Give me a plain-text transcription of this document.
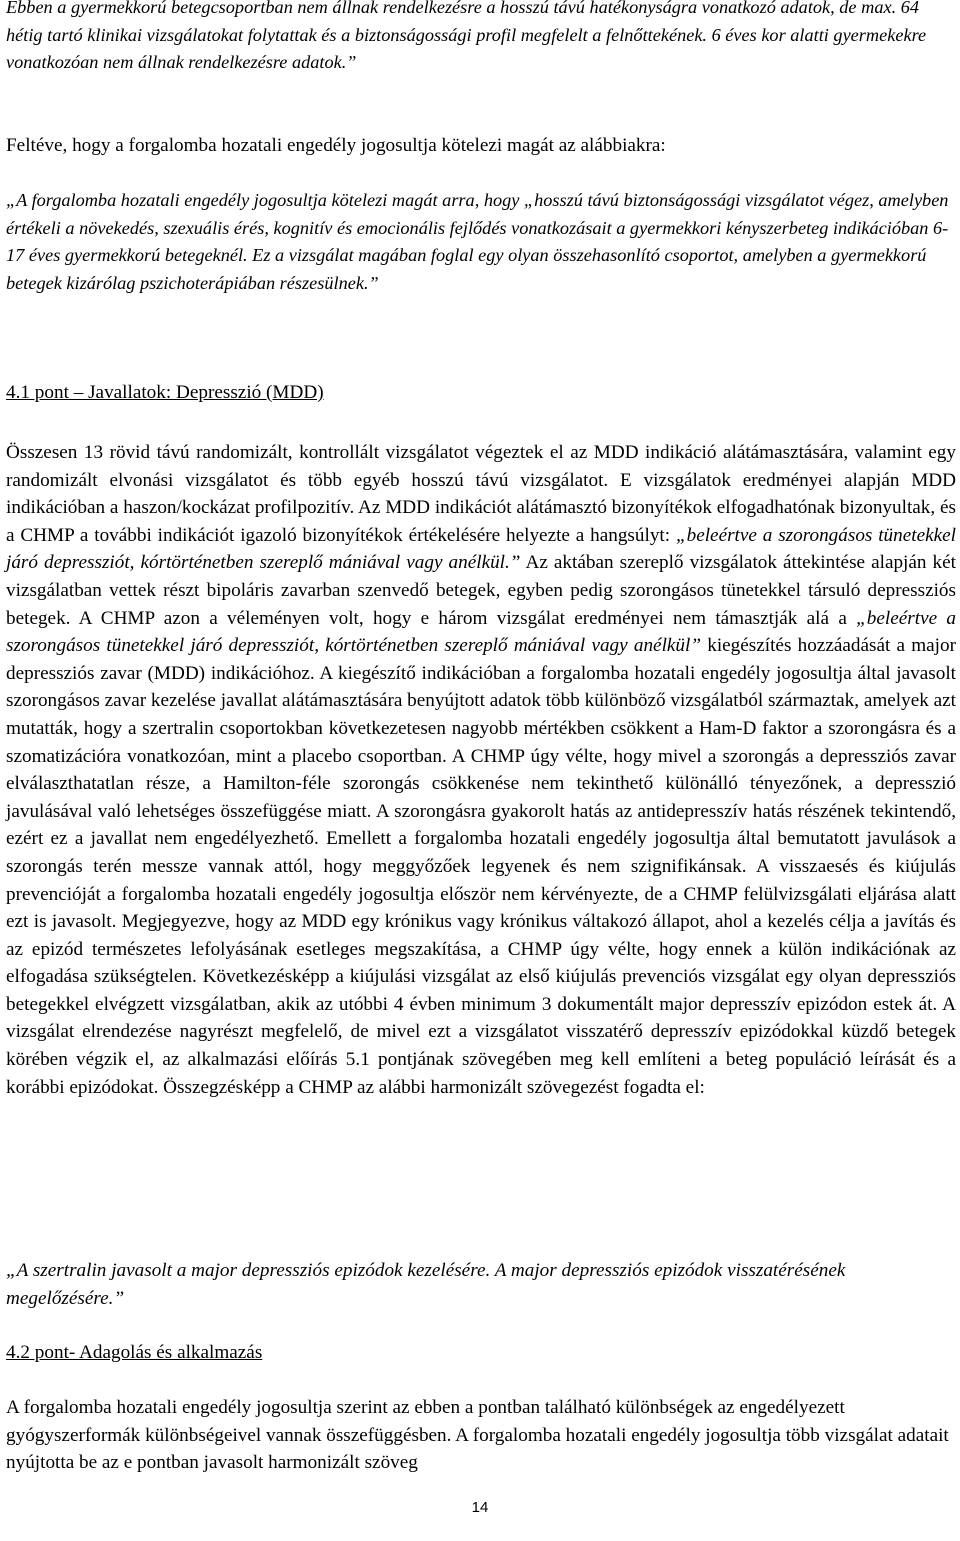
Ebben a gyermekkorú betegcsoportban nem állnak rendelkezésre a hosszú távú hatékonyságra vonatkozó adatok, de max. 64 hétig tartó klinikai vizsgálatokat folytattak és a biztonságossági profil megfelelt a felnőttekének. 6 éves kor alatti gyermekekre vonatkozóan nem állnak rendelkezésre adatok.”

Feltéve, hogy a forgalomba hozatali engedély jogosultja kötelezi magát az alábbiakra:

„A forgalomba hozatali engedély jogosultja kötelezi magát arra, hogy „hosszú távú biztonságossági vizsgálatot végez, amelyben értékeli a növekedés, szexuális érés, kognitív és emocionális fejlődés vonatkozásait a gyermekkori kényszerbeteg indikációban 6-17 éves gyermekkorú betegeknél. Ez a vizsgálat magában foglal egy olyan összehasonlító csoportot, amelyben a gyermekkorú betegek kizárólag pszichoterápiában részesülnek.”

4.1 pont – Javallatok: Depresszió (MDD)

Összesen 13 rövid távú randomizált, kontrollált vizsgálatot végeztek el az MDD indikáció alátámasztására, valamint egy randomizált elvonási vizsgálatot és több egyéb hosszú távú vizsgálatot. E vizsgálatok eredményei alapján MDD indikációban a haszon/kockázat profilpozitív. Az MDD indikációt alátámasztó bizonyítékok elfogadhatónak bizonyultak, és a CHMP a további indikációt igazoló bizonyítékok értékelésére helyezte a hangsúlyt: „beleértve a szorongásos tünetekkel járó depressziót, kórtörténetben szereplő mániával vagy anélkül.” Az aktában szereplő vizsgálatok áttekintése alapján két vizsgálatban vettek részt bipoláris zavarban szenvedő betegek, egyben pedig szorongásos tünetekkel társuló depressziós betegek. A CHMP azon a véleményen volt, hogy e három vizsgálat eredményei nem támasztják alá a „beleértve a szorongásos tünetekkel járó depressziót, kórtörténetben szereplő mániával vagy anélkül” kiegészítés hozzáadását a major depressziós zavar (MDD) indikációhoz. A kiegészítő indikációban a forgalomba hozatali engedély jogosultja által javasolt szorongásos zavar kezelése javallat alátámasztására benyújtott adatok több különböző vizsgálatból származtak, amelyek azt mutatták, hogy a szertralin csoportokban következetesen nagyobb mértékben csökkent a Ham-D faktor a szorongásra és a szomatizációra vonatkozóan, mint a placebo csoportban. A CHMP úgy vélte, hogy mivel a szorongás a depressziós zavar elválaszthatatlan része, a Hamilton-féle szorongás csökkenése nem tekinthető különálló tényezőnek, a depresszió javulásával való lehetséges összefüggése miatt. A szorongásra gyakorolt hatás az antidepresszív hatás részének tekintendő, ezért ez a javallat nem engedélyezhető. Emellett a forgalomba hozatali engedély jogosultja által bemutatott javulások a szorongás terén messze vannak attól, hogy meggyőzőek legyenek és nem szignifikánsak. A visszaesés és kiújulás prevencióját a forgalomba hozatali engedély jogosultja először nem kérvényezte, de a CHMP felülvizsgálati eljárása alatt ezt is javasolt. Megjegyezve, hogy az MDD egy krónikus vagy krónikus váltakozó állapot, ahol a kezelés célja a javítás és az epizód természetes lefolyásának esetleges megszakítása, a CHMP úgy vélte, hogy ennek a külön indikációnak az elfogadása szükségtelen. Következésképp a kiújulási vizsgálat az első kiújulás prevenciós vizsgálat egy olyan depressziós betegekkel elvégzett vizsgálatban, akik az utóbbi 4 évben minimum 3 dokumentált major depresszív epizódon estek át. A vizsgálat elrendezése nagyrészt megfelelő, de mivel ezt a vizsgálatot visszatérő depresszív epizódokkal küzdő betegek körében végzik el, az alkalmazási előírás 5.1 pontjának szövegében meg kell említeni a beteg populáció leírását és a korábbi epizódokat. Összegzésképp a CHMP az alábbi harmonizált szövegezést fogadta el:

„A szertralin javasolt a major depressziós epizódok kezelésére. A major depressziós epizódok visszatérésének megelőzésére.”

4.2 pont- Adagolás és alkalmazás

A forgalomba hozatali engedély jogosultja szerint az ebben a pontban található különbségek az engedélyezett gyógyszerformák különbségeivel vannak összefüggésben. A forgalomba hozatali engedély jogosultja több vizsgálat adatait nyújtotta be az e pontban javasolt harmonizált szöveg

14
